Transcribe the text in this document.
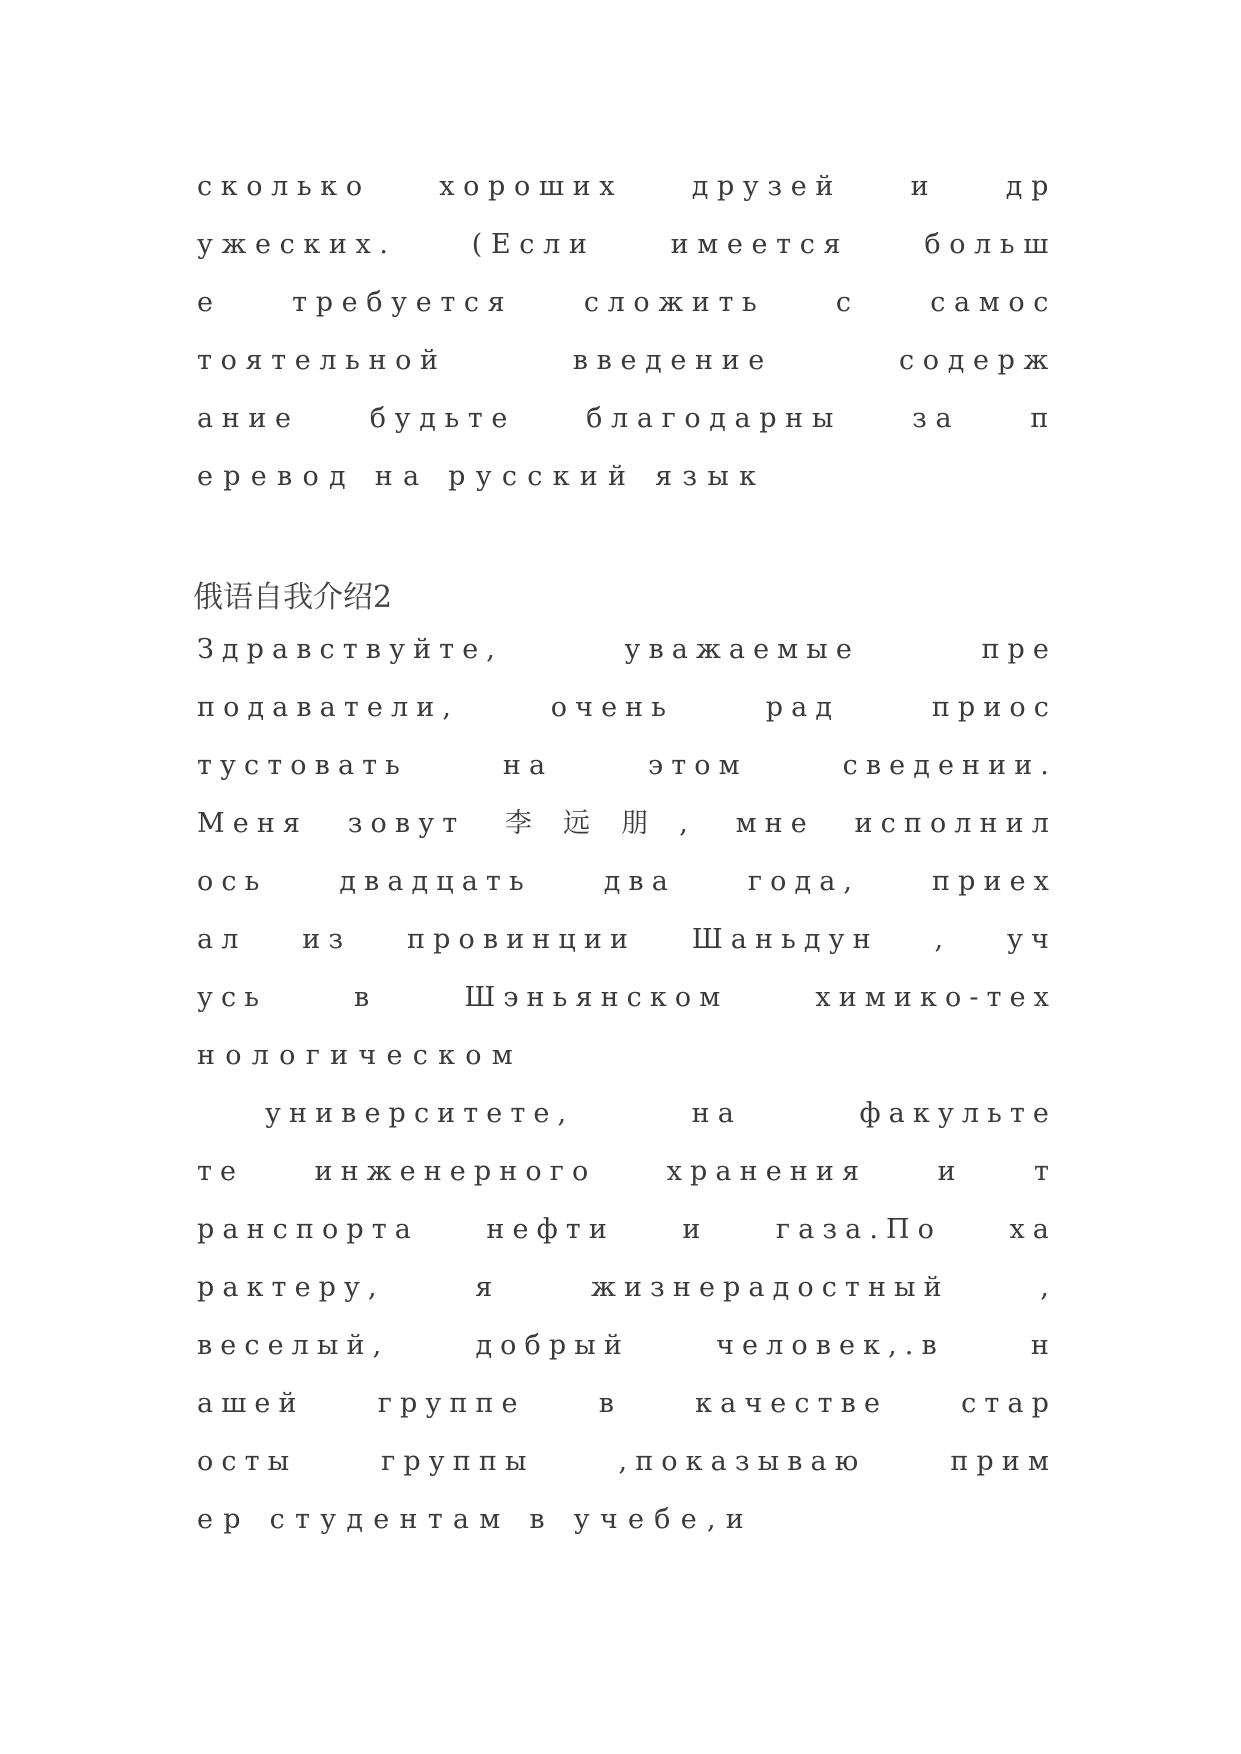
сколько хороших друзей и др
ужеских. (Если имеется больш
е требуется сложить с самос
тоятельной введение содерж
ание будьте благодарны за п
еревод на русский язык
俄语自我介绍2
Здравствуйте, уважаемые пре
подаватели, очень рад приос
тустовать на этом сведении.
Меня зовут 李远朋, мне исполнил
ось двадцать два года, приех
ал из провинции Шаньдун , уч
усь в Шэньянском химико-тех
нологическом
университете, на факульте
те инженерного хранения и т
ранспорта нефти и газа.По ха
рактеру, я жизнерадостный ,
веселый, добрый человек,.в н
ашей группе в качестве стар
осты группы ,показываю прим
ер студентам в учебе,и
